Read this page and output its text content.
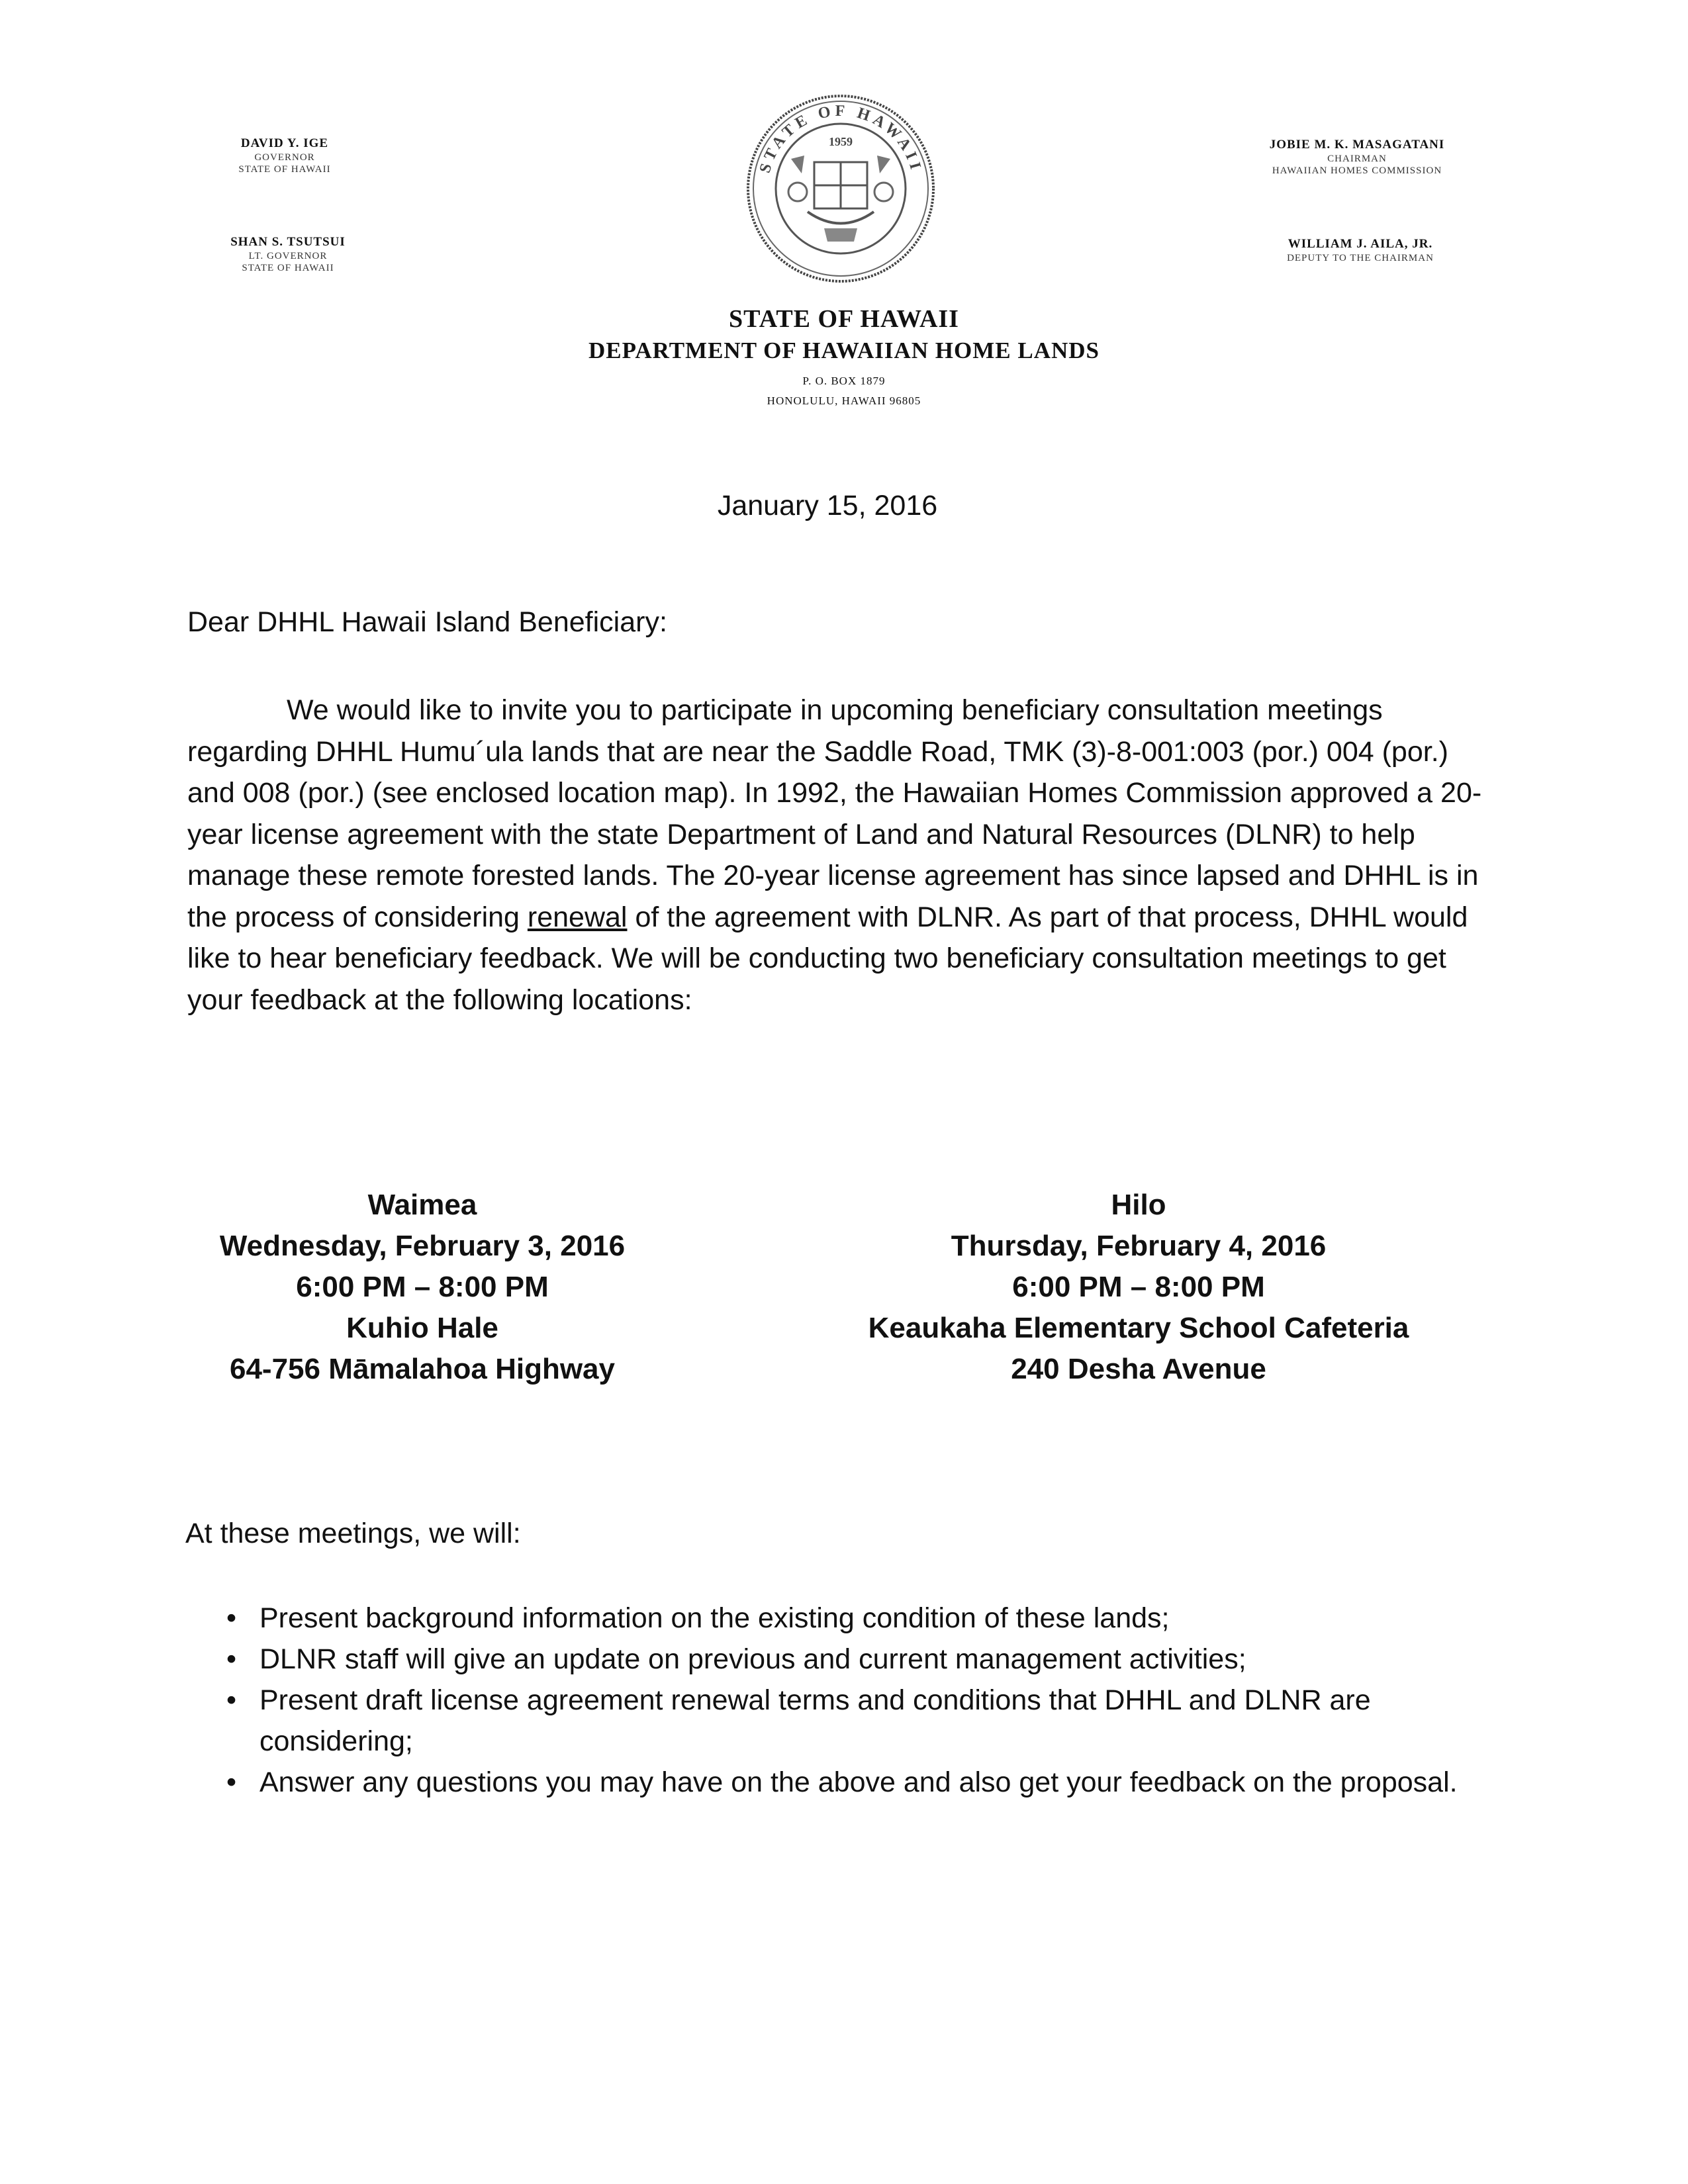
DAVID Y. IGE
GOVERNOR
STATE OF HAWAII
SHAN S. TSUTSUI
LT. GOVERNOR
STATE OF HAWAII
JOBIE M. K. MASAGATANI
CHAIRMAN
HAWAIIAN HOMES COMMISSION
WILLIAM J. AILA, JR.
DEPUTY TO THE CHAIRMAN
STATE OF HAWAII
1959
STATE OF HAWAII
DEPARTMENT OF HAWAIIAN HOME LANDS
P. O. BOX 1879
HONOLULU, HAWAII 96805
January 15, 2016
Dear DHHL Hawaii Island Beneficiary:

We would like to invite you to participate in upcoming beneficiary consultation meetings regarding DHHL Humu´ula lands that are near the Saddle Road, TMK (3)-8-001:003 (por.) 004 (por.) and 008 (por.) (see enclosed location map). In 1992, the Hawaiian Homes Commission approved a 20-year license agreement with the state Department of Land and Natural Resources (DLNR) to help manage these remote forested lands. The 20-year license agreement has since lapsed and DHHL is in the process of considering renewal of the agreement with DLNR. As part of that process, DHHL would like to hear beneficiary feedback. We will be conducting two beneficiary consultation meetings to get your feedback at the following locations:

Waimea
Wednesday, February 3, 2016
6:00 PM – 8:00 PM
Kuhio Hale
64-756 Māmalahoa Highway
Hilo
Thursday, February 4, 2016
6:00 PM – 8:00 PM
Keaukaha Elementary School Cafeteria
240 Desha Avenue
At these meetings, we will:
• Present background information on the existing condition of these lands;
• DLNR staff will give an update on previous and current management activities;
• Present draft license agreement renewal terms and conditions that DHHL and DLNR are considering;
• Answer any questions you may have on the above and also get your feedback on the proposal.
